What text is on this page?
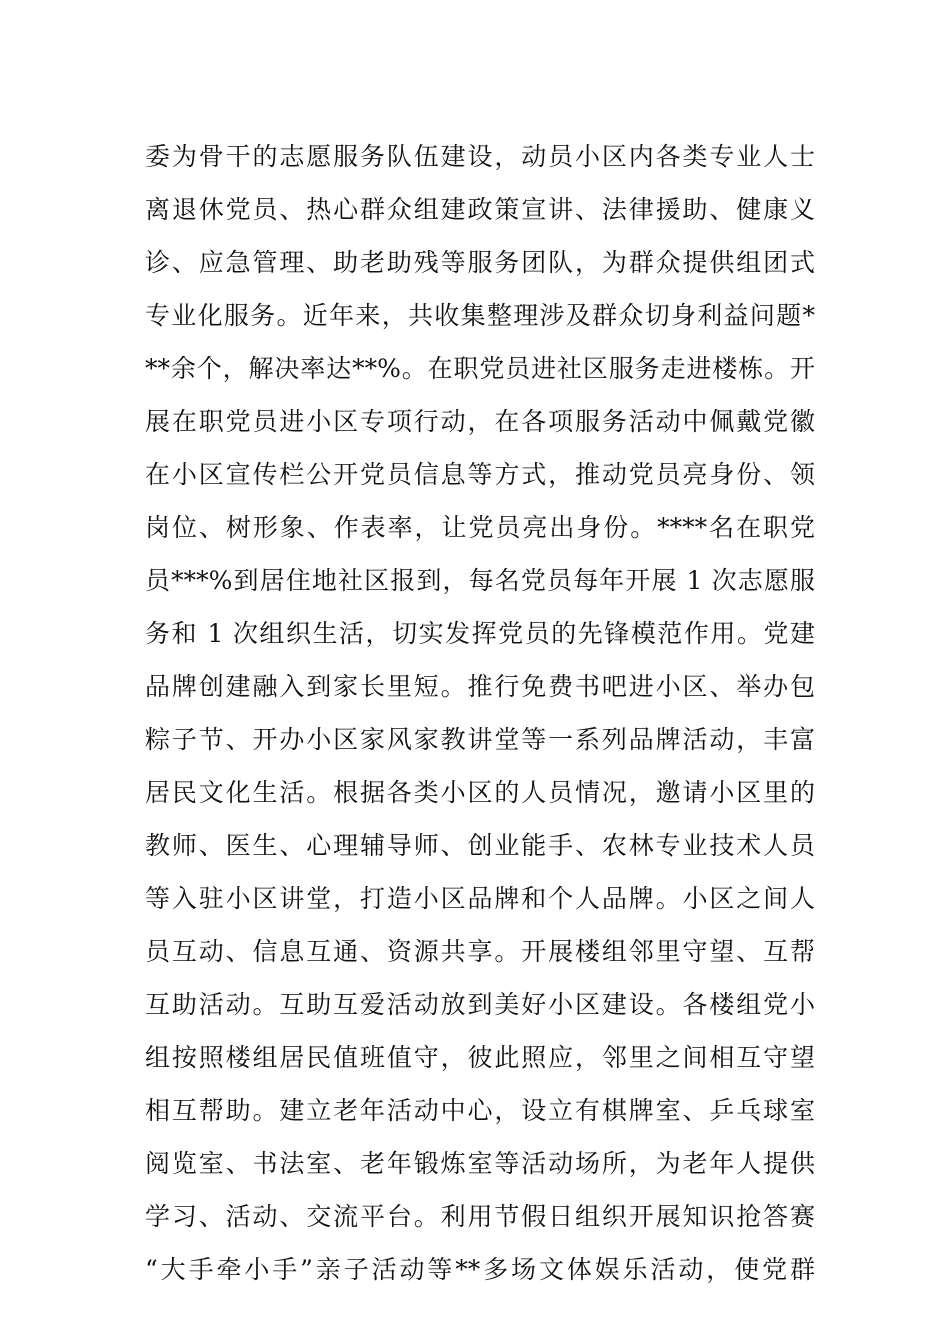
委为骨干的志愿服务队伍建设，动员小区内各类专业人士
离退休党员、热心群众组建政策宣讲、法律援助、健康义
诊、应急管理、助老助残等服务团队，为群众提供组团式
专业化服务。近年来，共收集整理涉及群众切身利益问题*
**余个，解决率达**%。在职党员进社区服务走进楼栋。开
展在职党员进小区专项行动，在各项服务活动中佩戴党徽
在小区宣传栏公开党员信息等方式，推动党员亮身份、领
岗位、树形象、作表率，让党员亮出身份。****名在职党
员***%到居住地社区报到，每名党员每年开展 1 次志愿服
务和 1 次组织生活，切实发挥党员的先锋模范作用。党建
品牌创建融入到家长里短。推行免费书吧进小区、举办包
粽子节、开办小区家风家教讲堂等一系列品牌活动，丰富
居民文化生活。根据各类小区的人员情况，邀请小区里的
教师、医生、心理辅导师、创业能手、农林专业技术人员
等入驻小区讲堂，打造小区品牌和个人品牌。小区之间人
员互动、信息互通、资源共享。开展楼组邻里守望、互帮
互助活动。互助互爱活动放到美好小区建设。各楼组党小
组按照楼组居民值班值守，彼此照应，邻里之间相互守望
相互帮助。建立老年活动中心，设立有棋牌室、乒乓球室
阅览室、书法室、老年锻炼室等活动场所，为老年人提供
学习、活动、交流平台。利用节假日组织开展知识抢答赛
“大手牵小手”亲子活动等**多场文体娱乐活动，使党群
